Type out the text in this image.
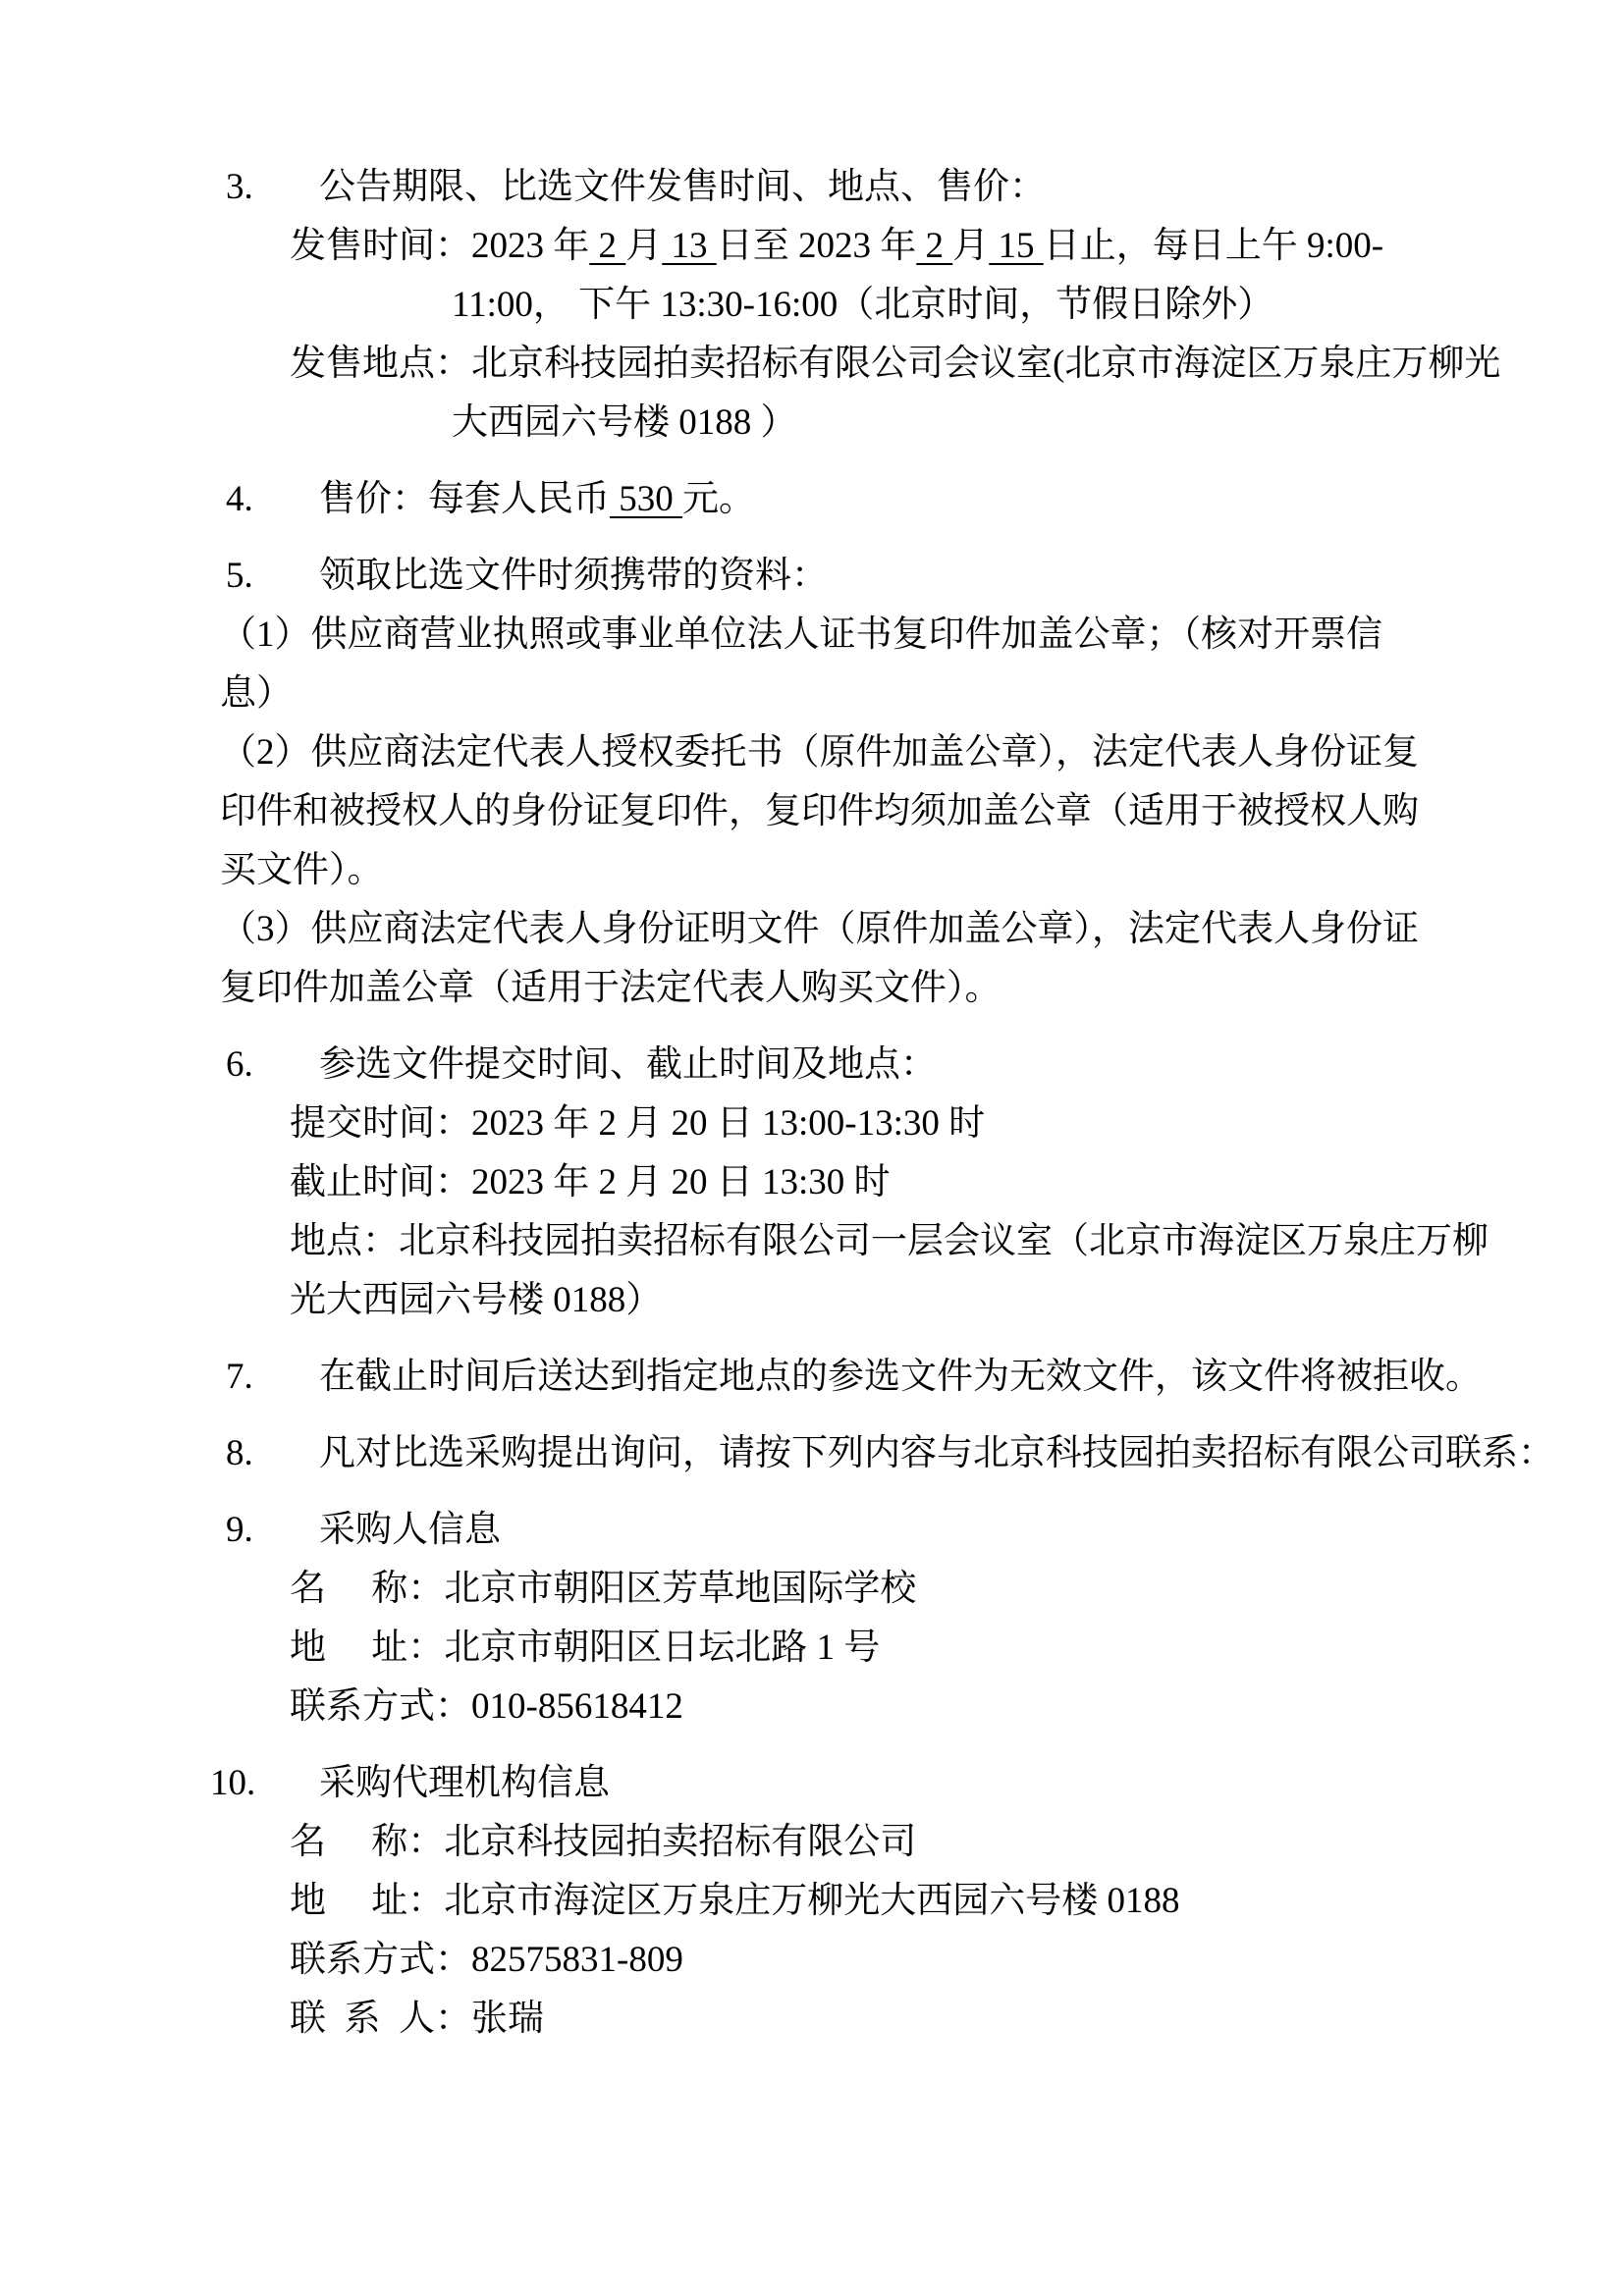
3. 公告期限、比选文件发售时间、地点、售价：
发售时间：2023 年 2 月 13 日至 2023 年 2 月 15 日止，每日上午 9:00-
11:00， 下午 13:30-16:00（北京时间，节假日除外）
发售地点：北京科技园拍卖招标有限公司会议室(北京市海淀区万泉庄万柳光
大西园六号楼 0188 ）
4. 售价：每套人民币 530 元。
5. 领取比选文件时须携带的资料：
（1）供应商营业执照或事业单位法人证书复印件加盖公章；（核对开票信
息）
（2）供应商法定代表人授权委托书（原件加盖公章），法定代表人身份证复
印件和被授权人的身份证复印件，复印件均须加盖公章（适用于被授权人购
买文件）。
（3）供应商法定代表人身份证明文件（原件加盖公章），法定代表人身份证
复印件加盖公章（适用于法定代表人购买文件）。
6. 参选文件提交时间、截止时间及地点：
提交时间：2023 年 2 月 20 日 13:00-13:30 时
截止时间：2023 年 2 月 20 日 13:30 时
地点：北京科技园拍卖招标有限公司一层会议室（北京市海淀区万泉庄万柳
光大西园六号楼 0188）
7. 在截止时间后送达到指定地点的参选文件为无效文件，该文件将被拒收。
8. 凡对比选采购提出询问，请按下列内容与北京科技园拍卖招标有限公司联系：
9. 采购人信息
名　 称：北京市朝阳区芳草地国际学校
地　 址：北京市朝阳区日坛北路 1 号
联系方式：010-85618412
10. 采购代理机构信息
名　 称：北京科技园拍卖招标有限公司
地　 址：北京市海淀区万泉庄万柳光大西园六号楼 0188
联系方式：82575831-809
联  系  人：张瑞
